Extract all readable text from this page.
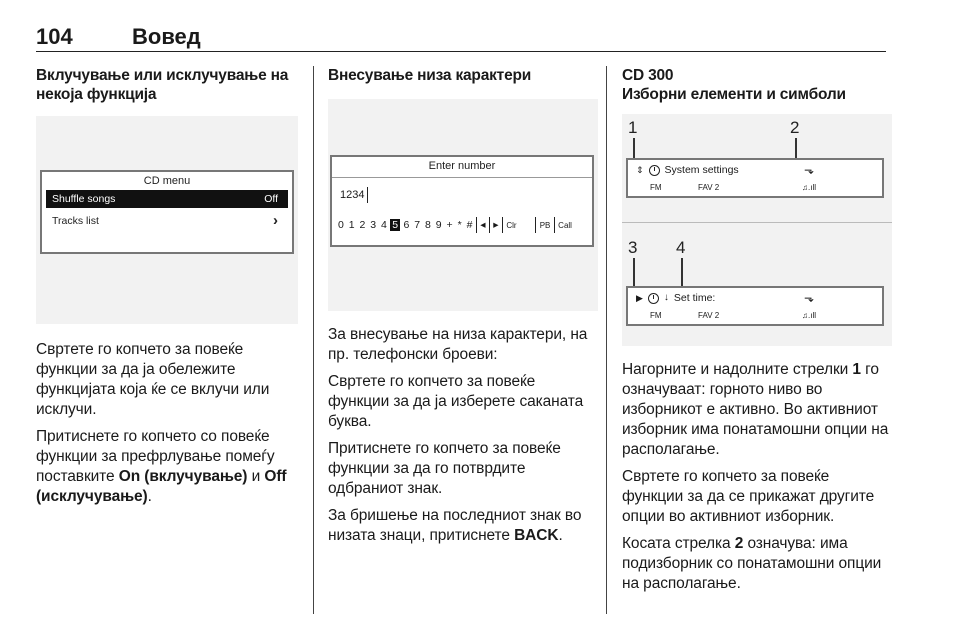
104	Вовед
Вклучување или исклучување на некоја функција
CD menu
Shuffle songs	Off
Tracks list	›

Свртете го копчето за повеќе функции за да ја обележите функцијата која ќе се вклучи или исклучи.

Притиснете го копчето со повеќе функции за префрлување помеѓу поставките On (вклучување) и Off (исклучување).

Внесување низа карактери
Enter number
1234
0 1 2 3 4 5 6 7 8 9 + * # ◂ ▸ Clr	PB Call

За внесување на низа карактери, на пр. телефонски броеви:

Свртете го копчето за повеќе функции за да ја изберете саканата буква.

Притиснете го копчето за повеќе функции за да го потврдите одбраниот знак.

За бришење на последниот знак во низата знаци, притиснете BACK.

CD 300
Изборни елементи и симболи
1	2
⇕ System settings	⬎
FM	FAV 2	♫.ıll
3 4
▶ ↓ Set time:	⬎
FM	FAV 2	♫.ıll

Нагорните и надолните стрелки 1 го означуваат: горното ниво во изборникот е активно. Во активниот изборник има понатамошни опции на располагање.

Свртете го копчето за повеќе функции за да се прикажат другите опции во активниот изборник.

Косата стрелка 2 означува: има подизборник со понатамошни опции на располагање.
